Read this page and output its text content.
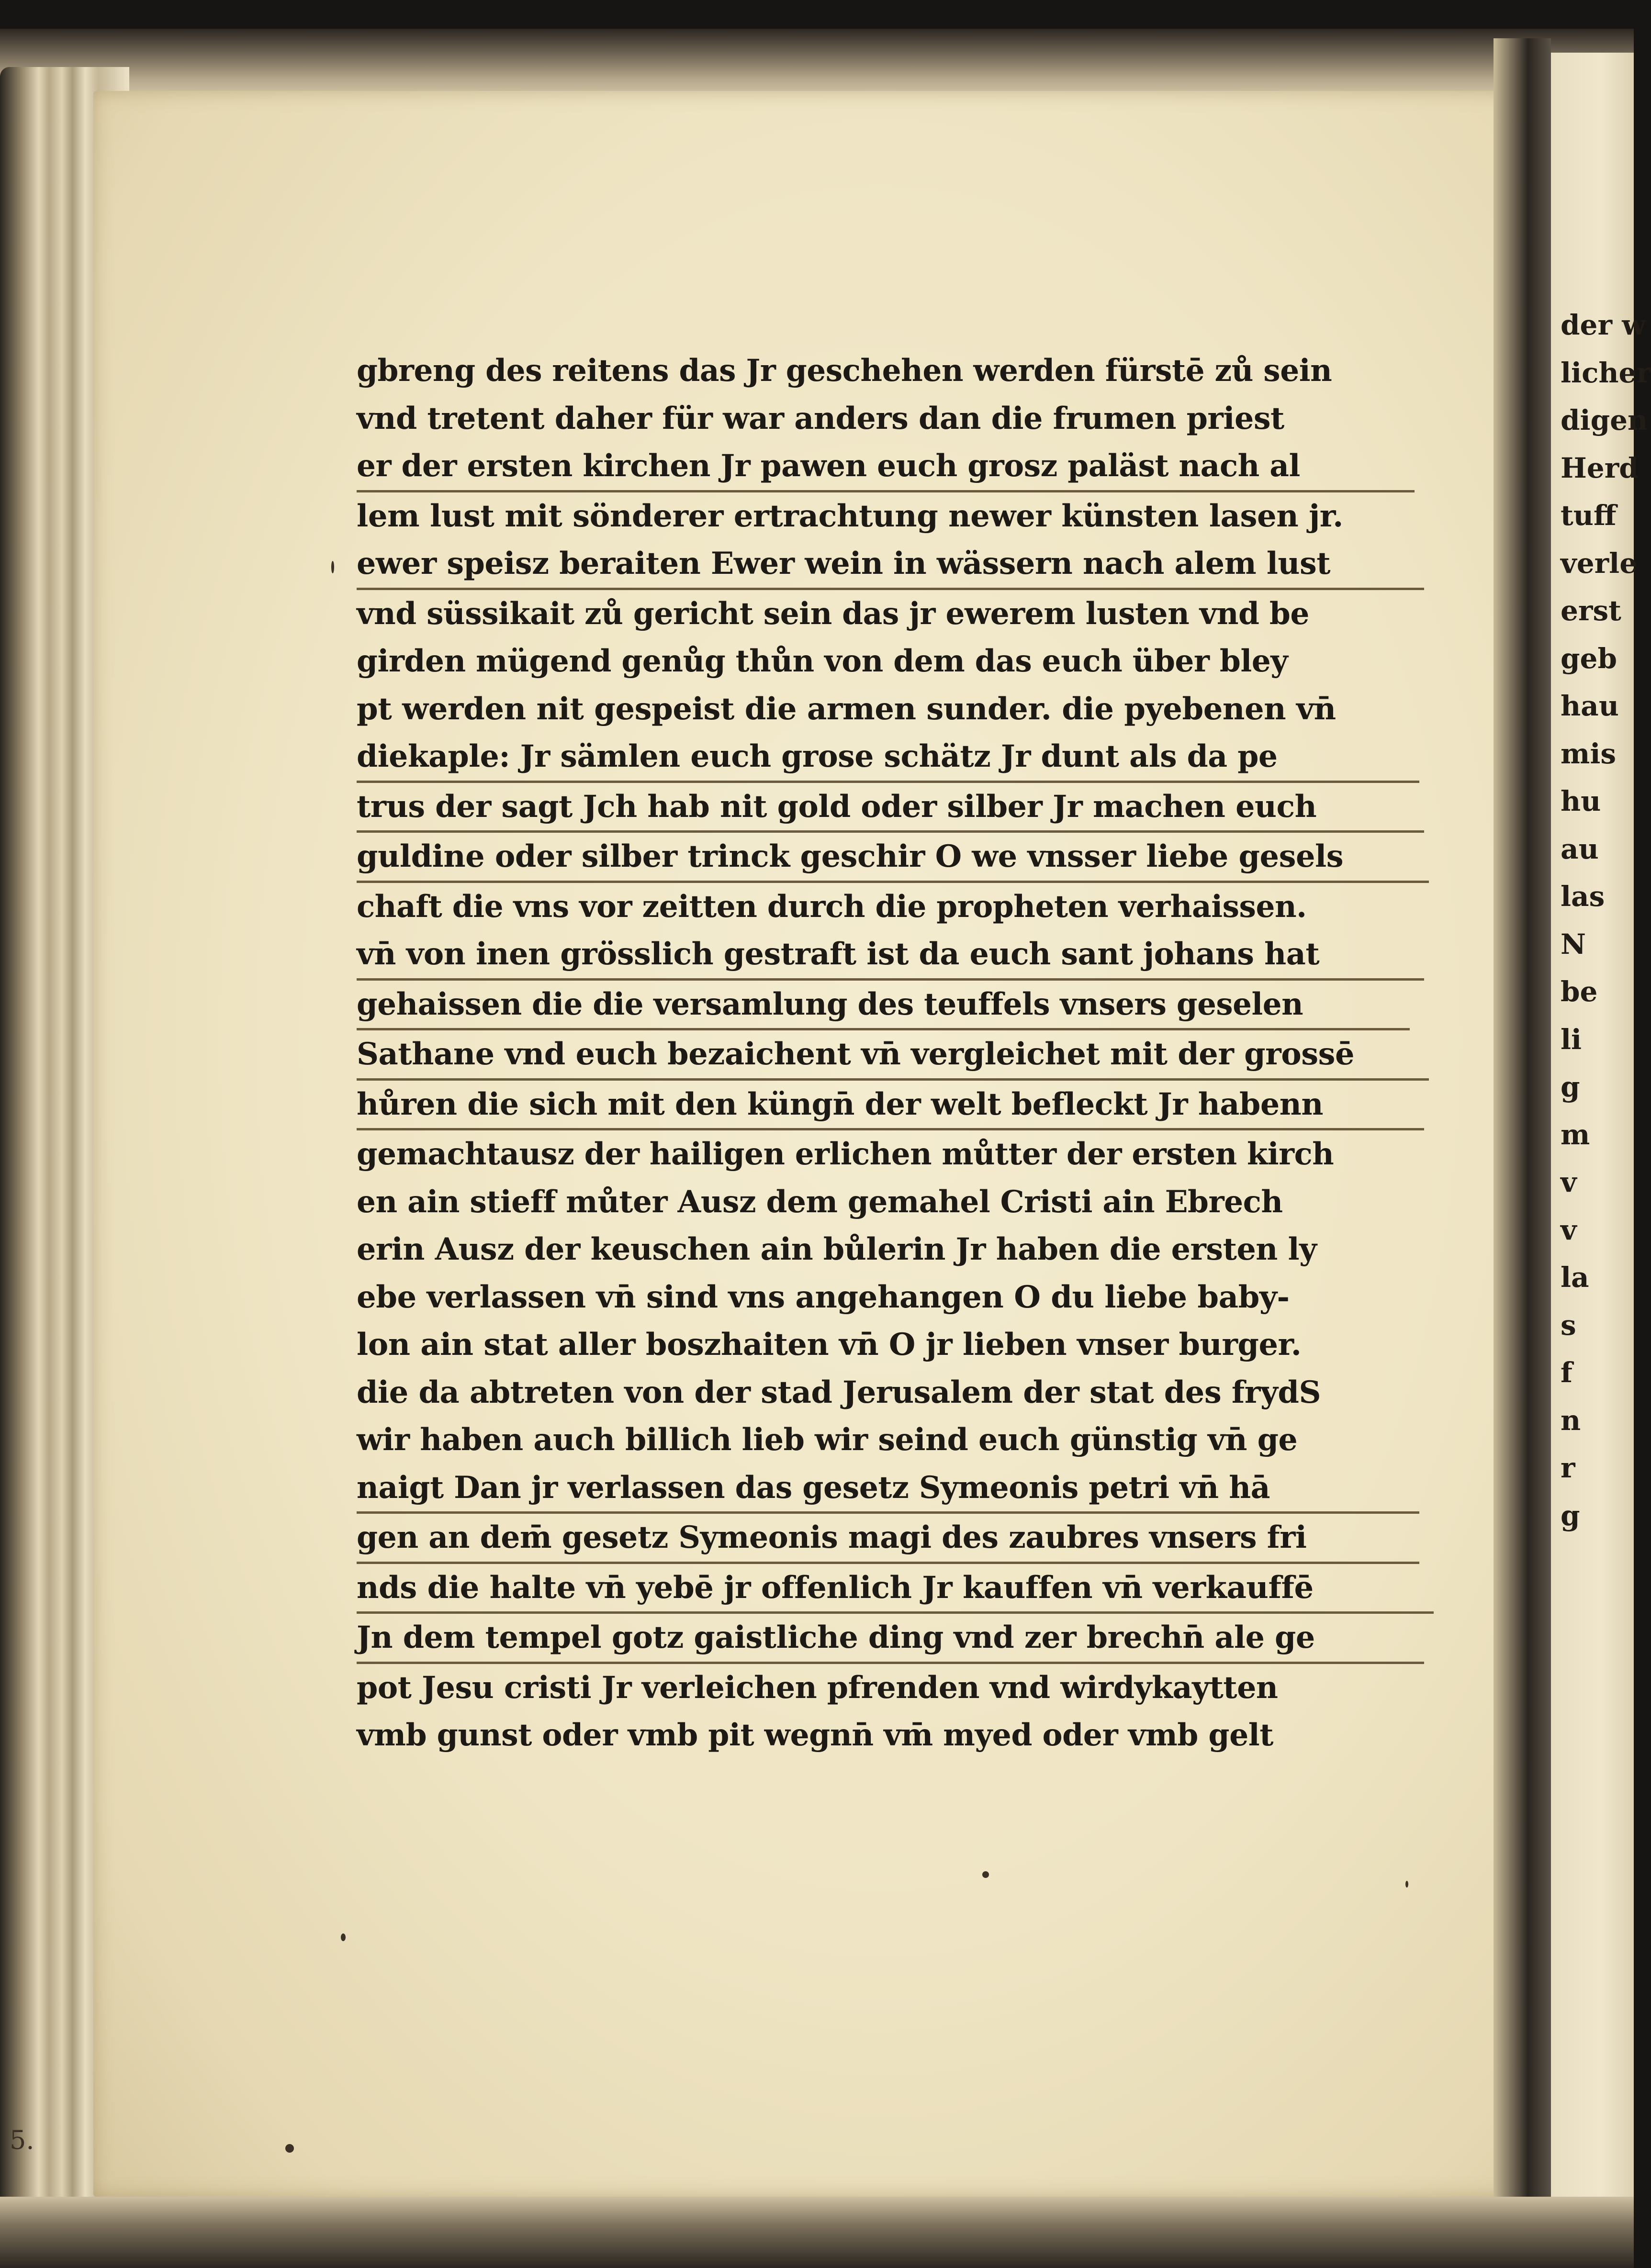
der w
licher
digen
Herd
tuff
verle
erst
geb
hau
mis
hu
au
las
N
be
li
g
m
v
v
la
s
f
n
r
g
gbreng des reitens das Jr geschehen werden fürstē zů sein
vnd tretent daher für war anders dan die frumen priest
er der ersten kirchen Jr pawen euch grosz paläst nach al
lem lust mit sönderer ertrachtung newer künsten lasen jr.
ewer speisz beraiten Ewer wein in wässern nach alem lust
vnd süssikait zů gericht sein das jr ewerem lusten vnd be
girden mügend genůg thůn von dem das euch über bley
pt werden nit gespeist die armen sunder. die pyebenen vn̄
diekaple: Jr sämlen euch grose schätz Jr dunt als da pe
trus der sagt Jch hab nit gold oder silber Jr machen euch
guldine oder silber trinck geschir O we vnsser liebe gesels
chaft die vns vor zeitten durch die propheten verhaissen.
vn̄ von inen grösslich gestraft ist da euch sant johans hat
gehaissen die die versamlung des teuffels vnsers geselen
Sathane vnd euch bezaichent vn̄ vergleichet mit der grossē
hůren die sich mit den küngn̄ der welt befleckt Jr habenn
gemachtausz der hailigen erlichen můtter der ersten kirch
en ain stieff můter Ausz dem gemahel Cristi ain Ebrech
erin Ausz der keuschen ain bůlerin Jr haben die ersten ly
ebe verlassen vn̄ sind vns angehangen O du liebe baby-
lon ain stat aller boszhaiten vn̄ O jr lieben vnser burger.
die da abtreten von der stad Jerusalem der stat des frydS
wir haben auch billich lieb wir seind euch günstig vn̄ ge
naigt Dan jr verlassen das gesetz Symeonis petri vn̄ hā
gen an dem̄ gesetz Symeonis magi des zaubres vnsers fri
nds die halte vn̄ yebē jr offenlich Jr kauffen vn̄ verkauffē
Jn dem tempel gotz gaistliche ding vnd zer brechn̄ ale ge
pot Jesu cristi Jr verleichen pfrenden vnd wirdykaytten
vmb gunst oder vmb pit wegnn̄ vm̄ myed oder vmb gelt
5.
